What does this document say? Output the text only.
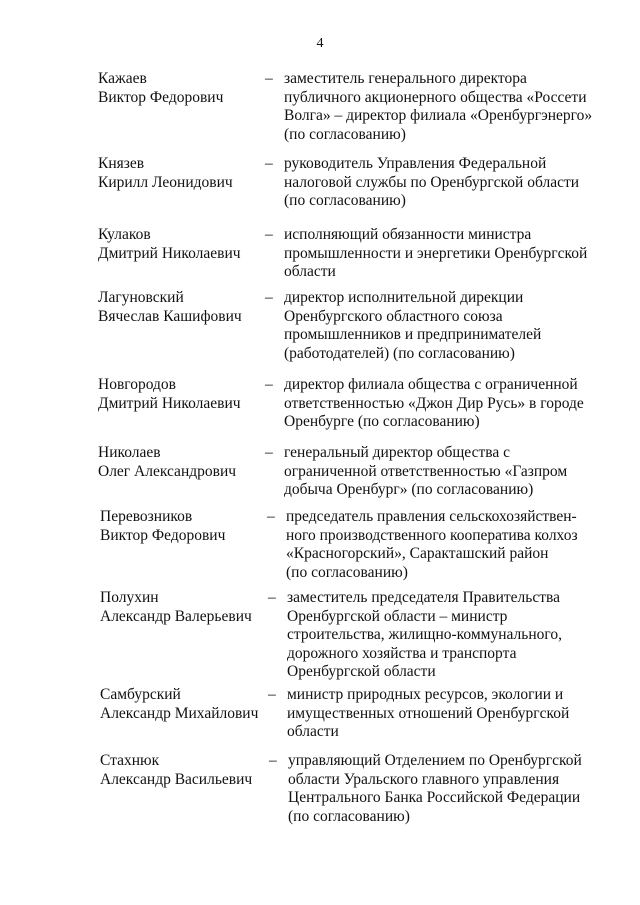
4
Кажаев
Виктор Федорович
– заместитель генерального директора
публичного акционерного общества «Россети
Волга» – директор филиала «Оренбургэнерго»
(по согласованию)
Князев
Кирилл Леонидович
– руководитель Управления Федеральной
налоговой службы по Оренбургской области
(по согласованию)
Кулаков
Дмитрий Николаевич
– исполняющий обязанности министра
промышленности и энергетики Оренбургской
области
Лагуновский
Вячеслав Кашифович
– директор исполнительной дирекции
Оренбургского областного союза
промышленников и предпринимателей
(работодателей) (по согласованию)
Новгородов
Дмитрий Николаевич
– директор филиала общества с ограниченной
ответственностью «Джон Дир Русь» в городе
Оренбурге (по согласованию)
Николаев
Олег Александрович
– генеральный директор общества с
ограниченной ответственностью «Газпром
добыча Оренбург» (по согласованию)
Перевозников
Виктор Федорович
– председатель правления сельскохозяйствен-
ного производственного кооператива колхоз
«Красногорский», Саракташский район
(по согласованию)
Полухин
Александр Валерьевич
– заместитель председателя Правительства
Оренбургской области – министр
строительства, жилищно-коммунального,
дорожного хозяйства и транспорта
Оренбургской области
Самбурский
Александр Михайлович
– министр природных ресурсов, экологии и
имущественных отношений Оренбургской
области
Стахнюк
Александр Васильевич
– управляющий Отделением по Оренбургской
области Уральского главного управления
Центрального Банка Российской Федерации
(по согласованию)
